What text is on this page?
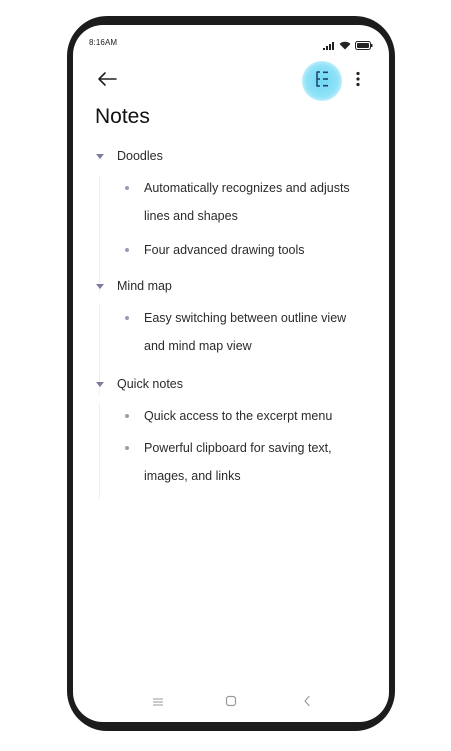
8:16AM
Notes
Doodles
Automatically recognizes and adjusts lines and shapes
Four advanced drawing tools
Mind map
Easy switching between outline view and mind map view
Quick notes
Quick access to the excerpt menu
Powerful clipboard for saving text, images, and links
